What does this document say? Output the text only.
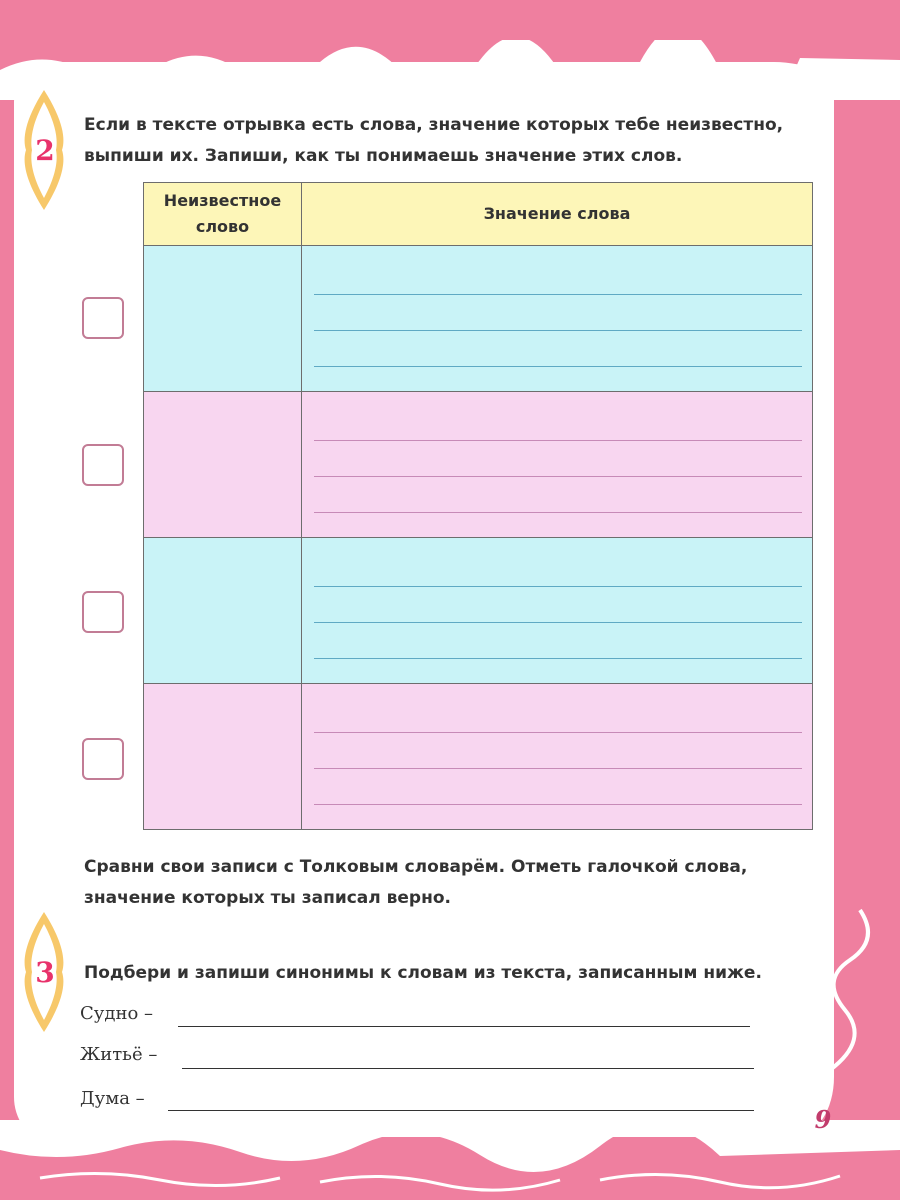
2
Если в тексте отрывка есть слова, значение которых тебе неизвестно,
выпиши их. Запиши, как ты понимаешь значение этих слов.
Неизвестное
слово	Значение слова

Сравни свои записи с Толковым словарём. Отметь галочкой слова,
значение которых ты записал верно.
3	Подбери и запиши синонимы к словам из текста, записанным ниже.
Судно –
Житьё –
Дума –
9
